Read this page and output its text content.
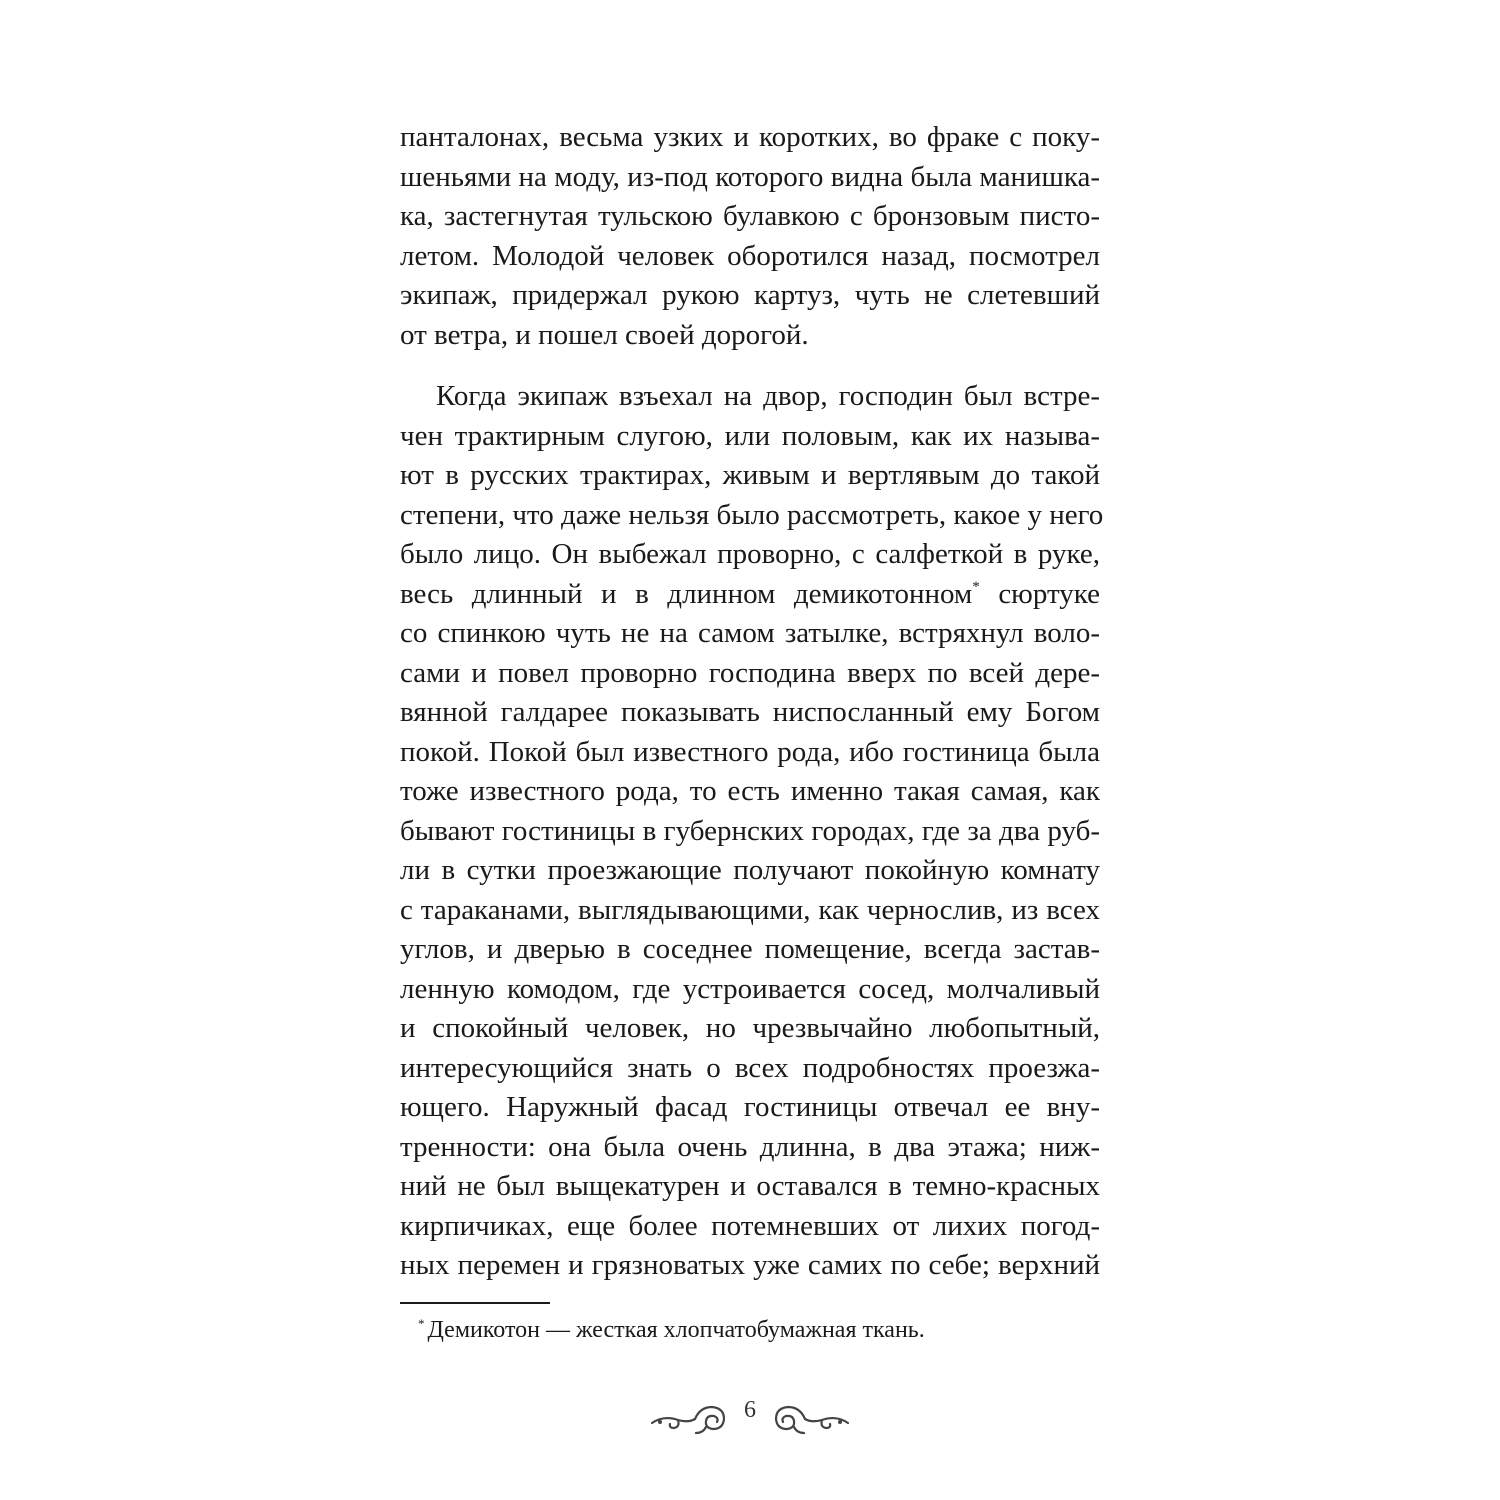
панталонах, весьма узких и коротких, во фраке с поку-
шеньями на моду, из-под которого видна была манишка-
ка, застегнутая тульскою булавкою с бронзовым писто-
летом. Молодой человек оборотился назад, посмотрел
экипаж, придержал рукою картуз, чуть не слетевший
от ветра, и пошел своей дорогой.
Когда экипаж взъехал на двор, господин был встре-
чен трактирным слугою, или половым, как их называ-
ют в русских трактирах, живым и вертлявым до такой
степени, что даже нельзя было рассмотреть, какое у него
было лицо. Он выбежал проворно, с салфеткой в руке,
весь длинный и в длинном демикотонном* сюртуке
со спинкою чуть не на самом затылке, встряхнул воло-
сами и повел проворно господина вверх по всей дере-
вянной галдарее показывать ниспосланный ему Богом
покой. Покой был известного рода, ибо гостиница была
тоже известного рода, то есть именно такая самая, как
бывают гостиницы в губернских городах, где за два руб-
ли в сутки проезжающие получают покойную комнату
с тараканами, выглядывающими, как чернослив, из всех
углов, и дверью в соседнее помещение, всегда застав-
ленную комодом, где устроивается сосед, молчаливый
и спокойный человек, но чрезвычайно любопытный,
интересующийся знать о всех подробностях проезжа-
ющего. Наружный фасад гостиницы отвечал ее вну-
тренности: она была очень длинна, в два этажа; ниж-
ний не был выщекатурен и оставался в темно-красных
кирпичиках, еще более потемневших от лихих погод-
ных перемен и грязноватых уже самих по себе; верхний
* Демикотон — жесткая хлопчатобумажная ткань.
6
